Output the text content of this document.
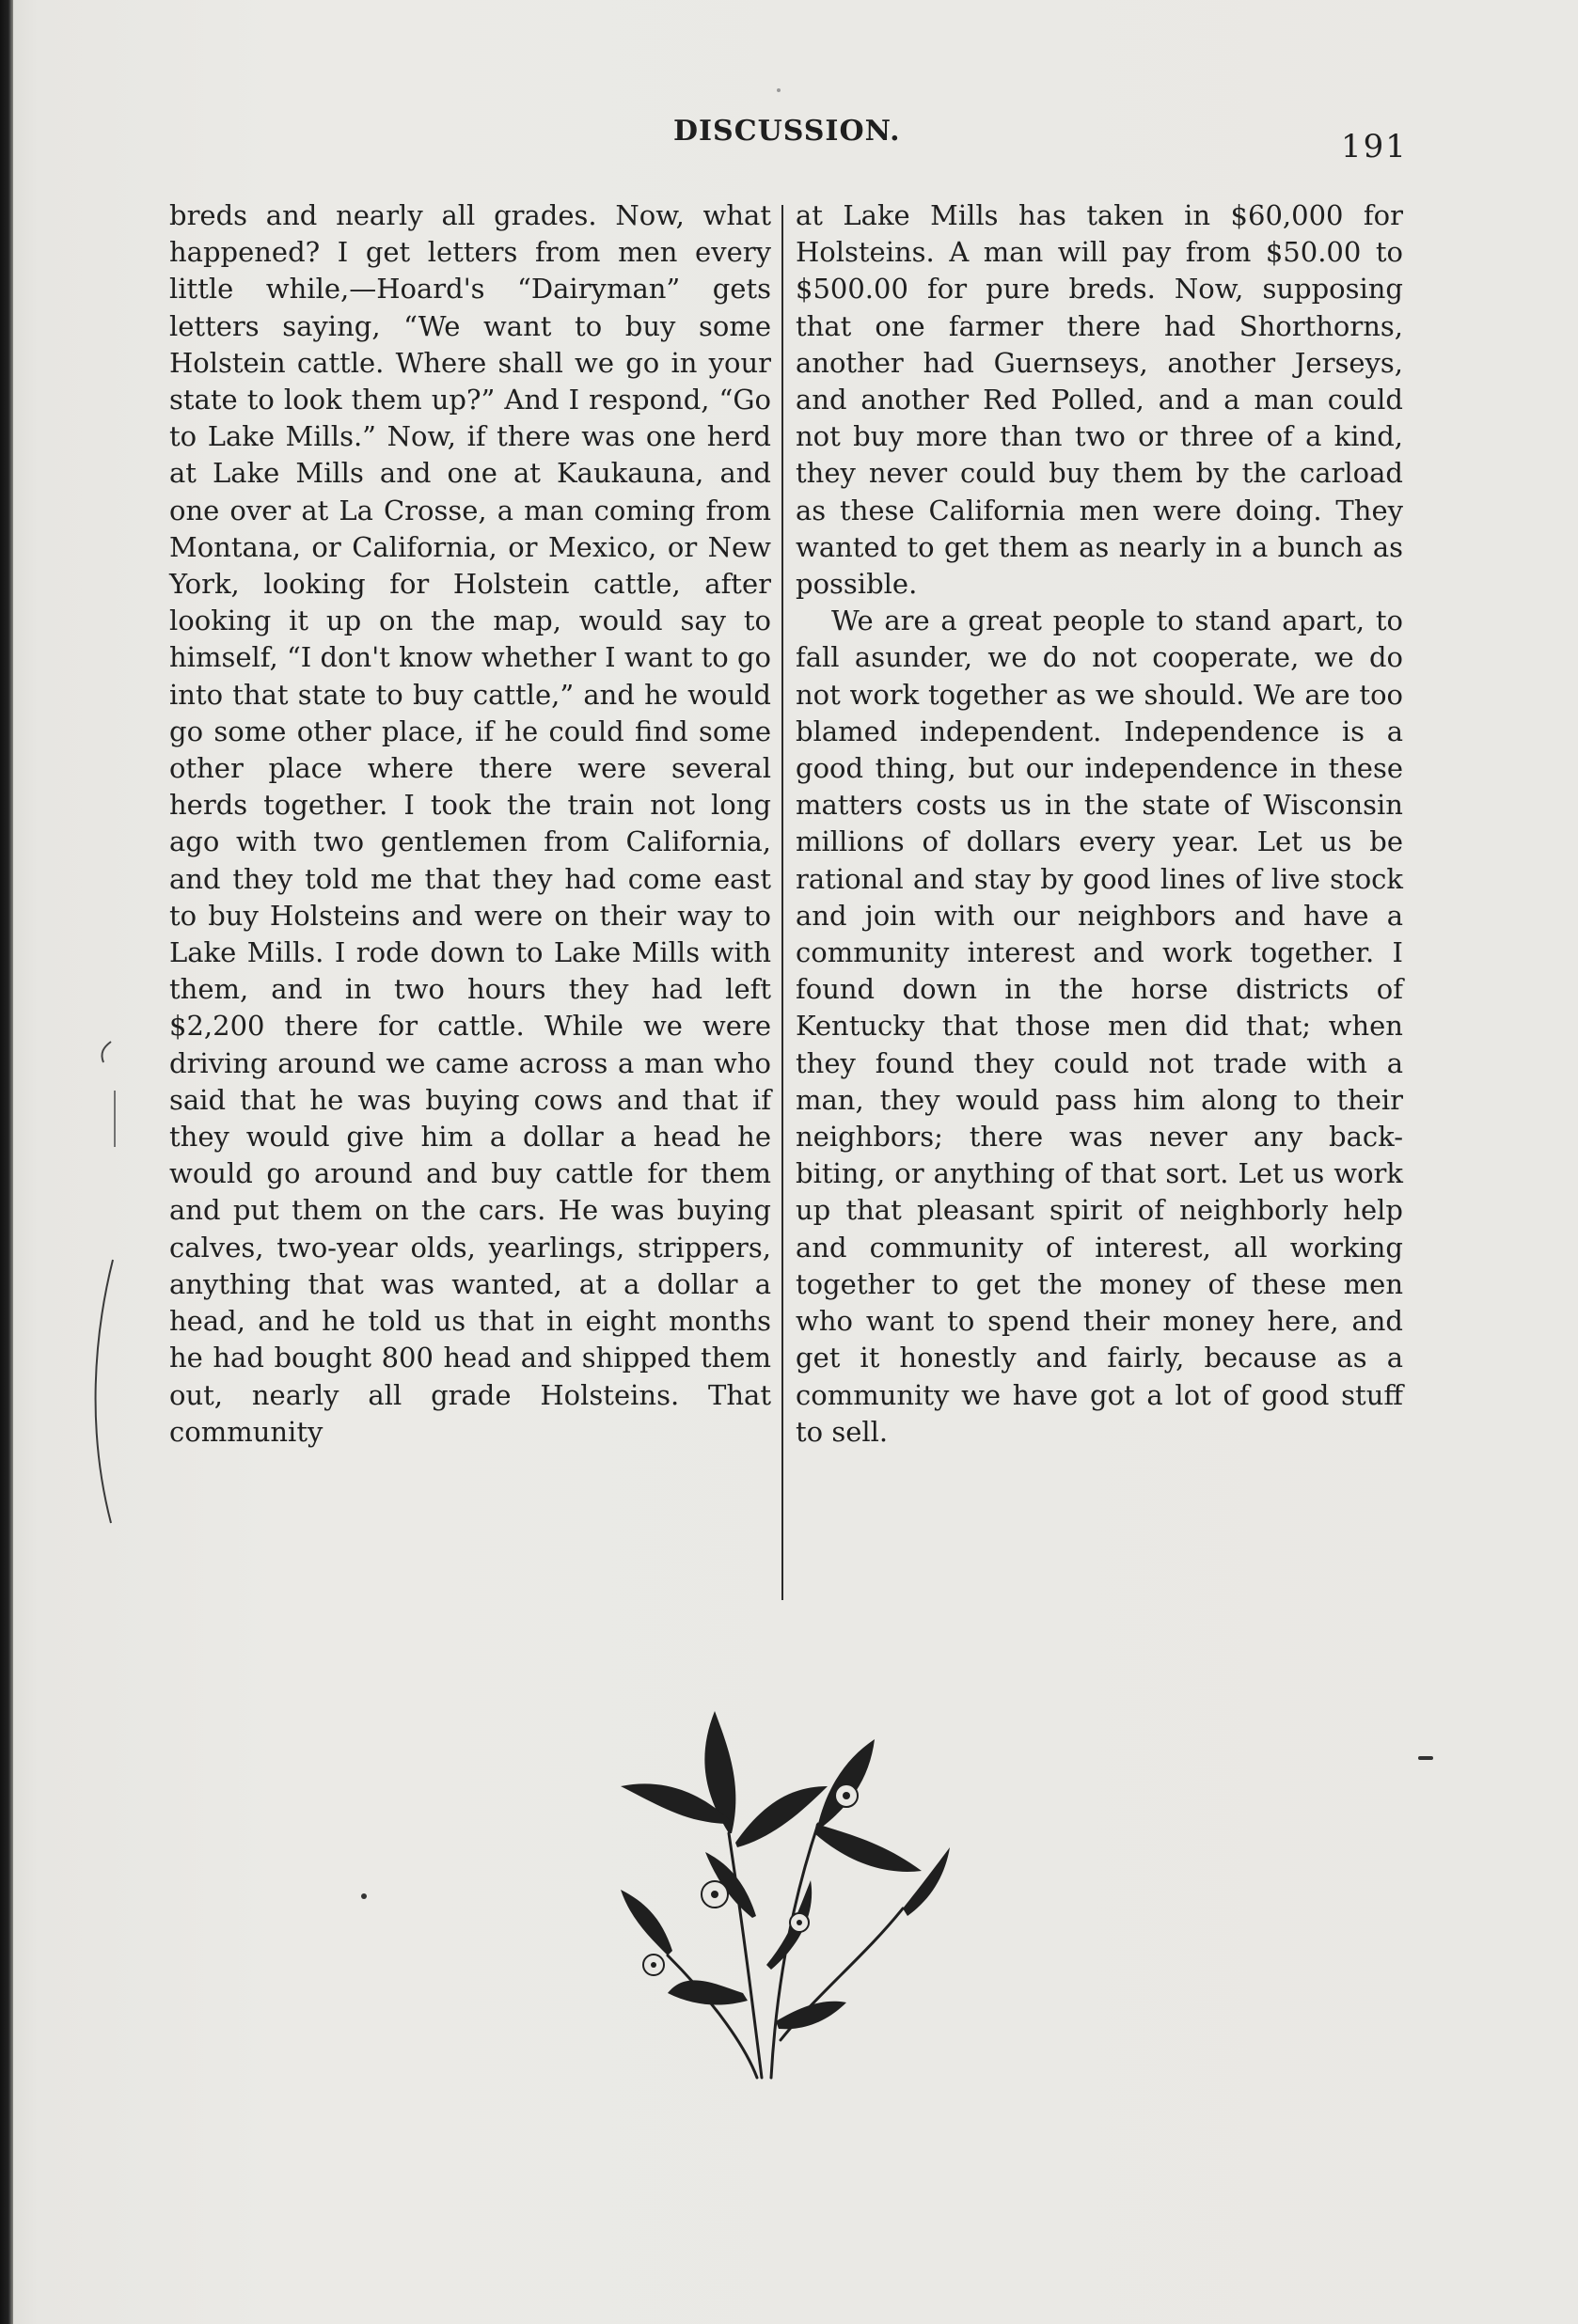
DISCUSSION.	191

breds and nearly all grades. Now, what happened? I get letters from men every little while,—Hoard's “Dairyman” gets letters saying, “We want to buy some Holstein cattle. Where shall we go in your state to look them up?” And I respond, “Go to Lake Mills.” Now, if there was one herd at Lake Mills and one at Kaukauna, and one over at La Crosse, a man coming from Montana, or California, or Mexico, or New York, looking for Holstein cattle, after looking it up on the map, would say to himself, “I don't know whether I want to go into that state to buy cattle,” and he would go some other place, if he could find some other place where there were several herds together. I took the train not long ago with two gentlemen from California, and they told me that they had come east to buy Holsteins and were on their way to Lake Mills. I rode down to Lake Mills with them, and in two hours they had left $2,200 there for cattle. While we were driving around we came across a man who said that he was buying cows and that if they would give him a dollar a head he would go around and buy cattle for them and put them on the cars. He was buying calves, two-year olds, yearlings, strippers, anything that was wanted, at a dollar a head, and he told us that in eight months he had bought 800 head and shipped them out, nearly all grade Holsteins. That community

at Lake Mills has taken in $60,000 for Holsteins. A man will pay from $50.00 to $500.00 for pure breds. Now, supposing that one farmer there had Shorthorns, another had Guernseys, another Jerseys, and another Red Polled, and a man could not buy more than two or three of a kind, they never could buy them by the carload as these California men were doing. They wanted to get them as nearly in a bunch as possible.

We are a great people to stand apart, to fall asunder, we do not cooperate, we do not work together as we should. We are too blamed independent. Independence is a good thing, but our independence in these matters costs us in the state of Wisconsin millions of dollars every year. Let us be rational and stay by good lines of live stock and join with our neighbors and have a community interest and work together. I found down in the horse districts of Kentucky that those men did that; when they found they could not trade with a man, they would pass him along to their neighbors; there was never any back-biting, or anything of that sort. Let us work up that pleasant spirit of neighborly help and community of interest, all working together to get the money of these men who want to spend their money here, and get it honestly and fairly, because as a community we have got a lot of good stuff to sell.
